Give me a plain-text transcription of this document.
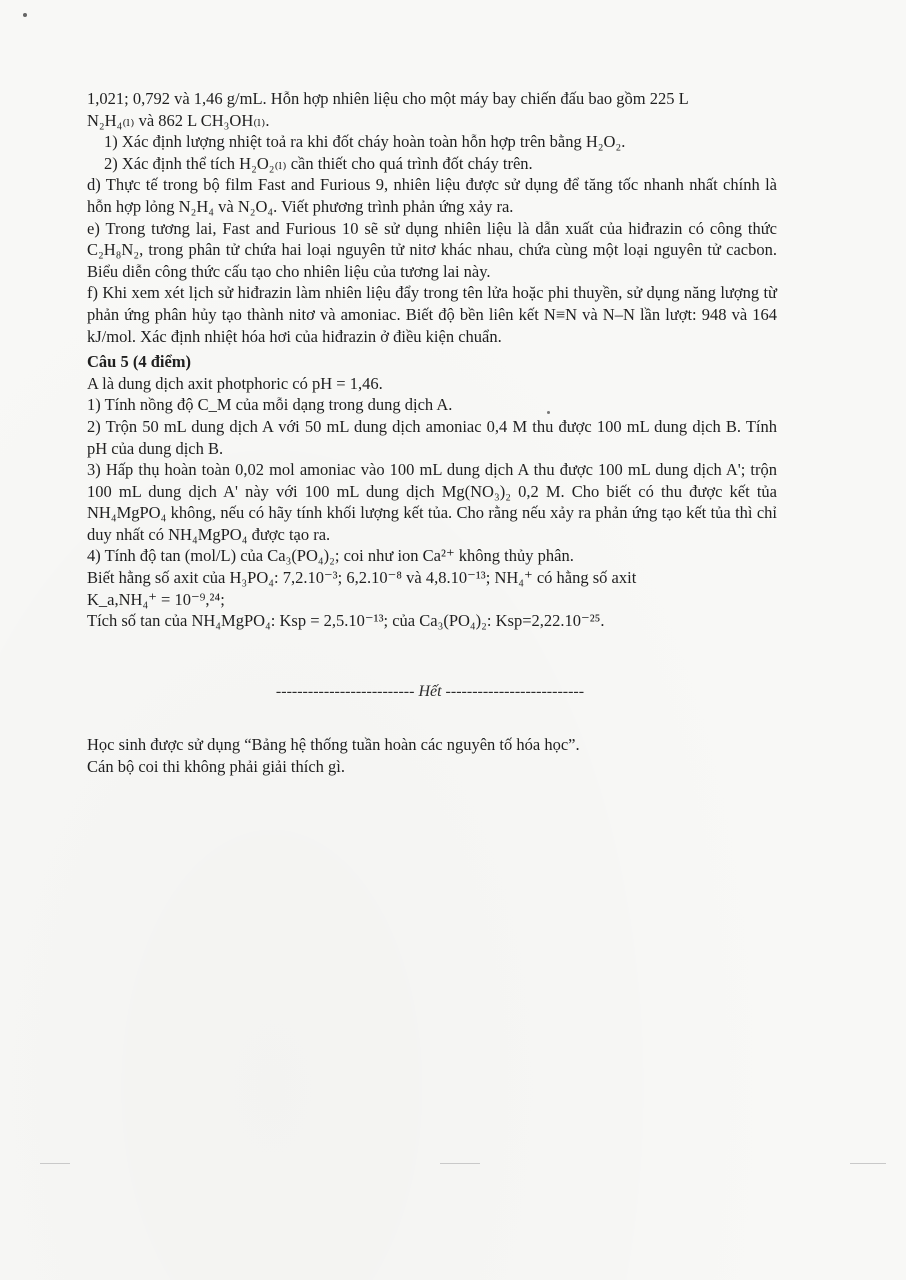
1,021; 0,792 và 1,46 g/mL. Hỗn hợp nhiên liệu cho một máy bay chiến đấu bao gồm 225 L

N₂H₄₍ₗ₎ và 862 L CH₃OH₍ₗ₎.

1) Xác định lượng nhiệt toả ra khi đốt cháy hoàn toàn hỗn hợp trên bằng H₂O₂.

2) Xác định thể tích H₂O₂₍ₗ₎ cần thiết cho quá trình đốt cháy trên.

d) Thực tế trong bộ film Fast and Furious 9, nhiên liệu được sử dụng để tăng tốc nhanh nhất chính là hỗn hợp lỏng N₂H₄ và N₂O₄. Viết phương trình phản ứng xảy ra.

e) Trong tương lai, Fast and Furious 10 sẽ sử dụng nhiên liệu là dẫn xuất của hiđrazin có công thức C₂H₈N₂, trong phân tử chứa hai loại nguyên tử nitơ khác nhau, chứa cùng một loại nguyên tử cacbon. Biểu diễn công thức cấu tạo cho nhiên liệu của tương lai này.

f) Khi xem xét lịch sử hiđrazin làm nhiên liệu đẩy trong tên lửa hoặc phi thuyền, sử dụng năng lượng từ phản ứng phân hủy tạo thành nitơ và amoniac. Biết độ bền liên kết N≡N và N–N lần lượt: 948 và 164 kJ/mol. Xác định nhiệt hóa hơi của hiđrazin ở điều kiện chuẩn.

Câu 5 (4 điểm)

A là dung dịch axit photphoric có pH = 1,46.

1) Tính nồng độ C_M của mỗi dạng trong dung dịch A.

2) Trộn 50 mL dung dịch A với 50 mL dung dịch amoniac 0,4 M thu được 100 mL dung dịch B. Tính pH của dung dịch B.

3) Hấp thụ hoàn toàn 0,02 mol amoniac vào 100 mL dung dịch A thu được 100 mL dung dịch A'; trộn 100 mL dung dịch A' này với 100 mL dung dịch Mg(NO₃)₂ 0,2 M. Cho biết có thu được kết tủa NH₄MgPO₄ không, nếu có hãy tính khối lượng kết tủa. Cho rằng nếu xảy ra phản ứng tạo kết tủa thì chỉ duy nhất có NH₄MgPO₄ được tạo ra.

4) Tính độ tan (mol/L) của Ca₃(PO₄)₂; coi như ion Ca²⁺ không thủy phân.

Biết hằng số axit của H₃PO₄: 7,2.10⁻³; 6,2.10⁻⁸ và 4,8.10⁻¹³; NH₄⁺ có hằng số axit

K_a,NH₄⁺ = 10⁻⁹,²⁴;

Tích số tan của NH₄MgPO₄: Ksp = 2,5.10⁻¹³; của Ca₃(PO₄)₂: Ksp=2,22.10⁻²⁵.

-------------------------- Hết --------------------------

Học sinh được sử dụng “Bảng hệ thống tuần hoàn các nguyên tố hóa học”.

Cán bộ coi thi không phải giải thích gì.
